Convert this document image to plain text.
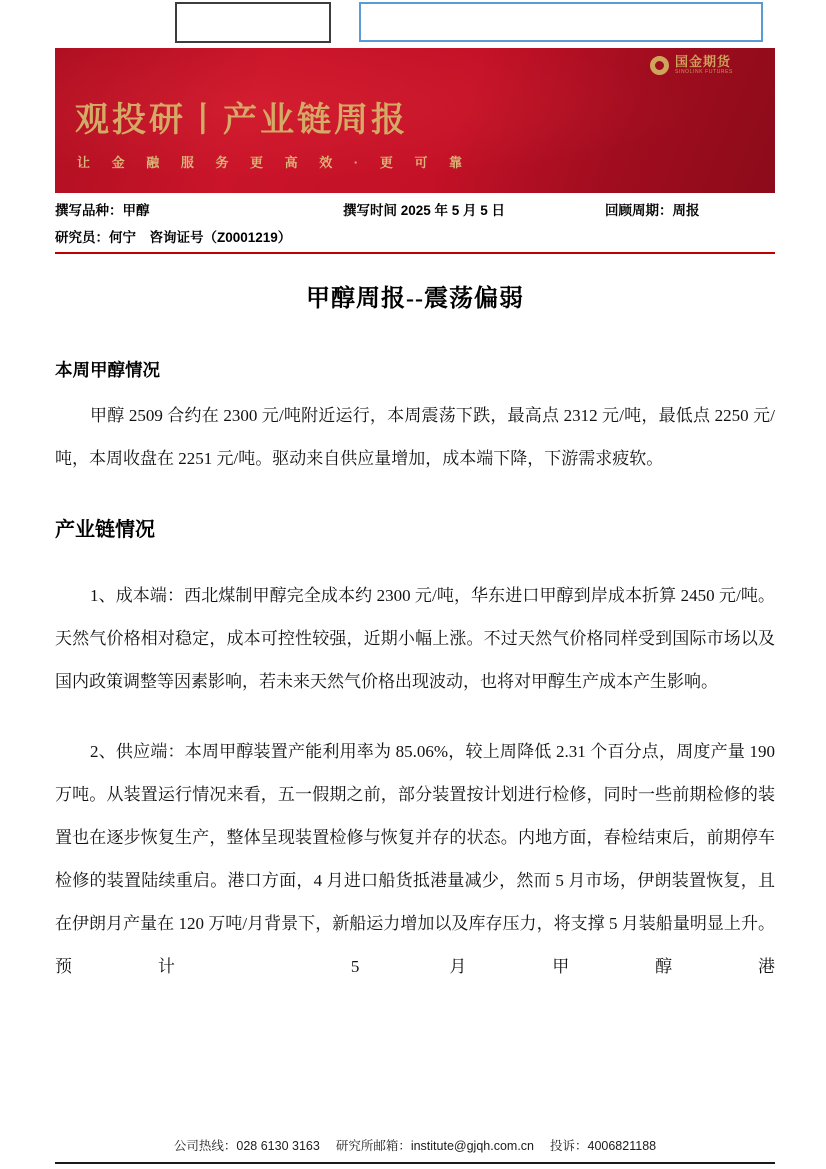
国金期货
SINOLINK FUTURES
观投研丨产业链周报
让 金 融 服 务 更 高 效 · 更 可 靠
撰写品种：甲醇	撰写时间 2025 年 5 月 5 日	回顾周期：周报
研究员：何宁　咨询证号（Z0001219）
甲醇周报--震荡偏弱
本周甲醇情况

甲醇 2509 合约在 2300 元/吨附近运行，本周震荡下跌，最高点 2312 元/吨，最低点 2250 元/吨，本周收盘在 2251 元/吨。驱动来自供应量增加，成本端下降，下游需求疲软。

产业链情况

1、成本端：西北煤制甲醇完全成本约 2300 元/吨，华东进口甲醇到岸成本折算 2450 元/吨。天然气价格相对稳定，成本可控性较强，近期小幅上涨。不过天然气价格同样受到国际市场以及国内政策调整等因素影响，若未来天然气价格出现波动，也将对甲醇生产成本产生影响。

2、供应端：本周甲醇装置产能利用率为 85.06%，较上周降低 2.31 个百分点，周度产量 190 万吨。从装置运行情况来看，五一假期之前，部分装置按计划进行检修，同时一些前期检修的装置也在逐步恢复生产，整体呈现装置检修与恢复并存的状态。内地方面，春检结束后，前期停车检修的装置陆续重启。港口方面，4 月进口船货抵港量减少，然而 5 月市场，伊朗装置恢复，且在伊朗月产量在 120 万吨/月背景下，新船运力增加以及库存压力，将支撑 5 月装船量明显上升。预计 5 月甲醇港

公司热线：028 6130 3163 研究所邮箱：institute@gjqh.com.cn 投诉：4006821188
